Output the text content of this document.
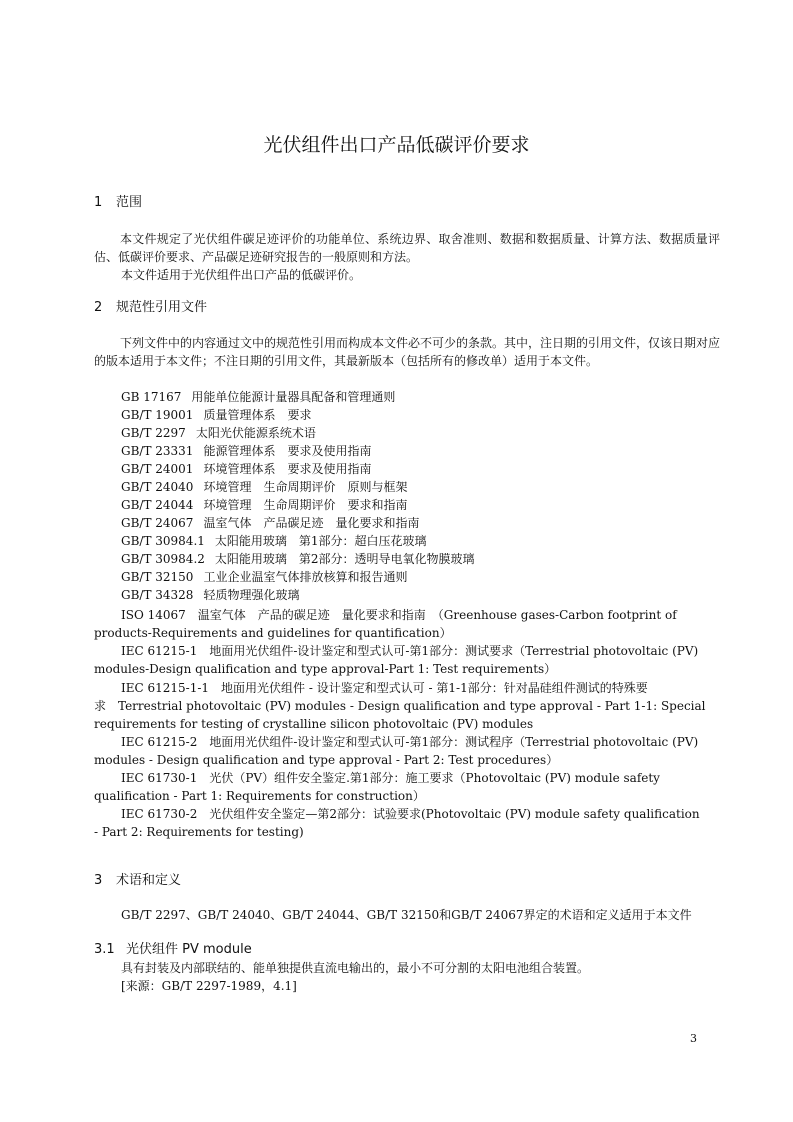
光伏组件出口产品低碳评价要求
1 范围
本文件规定了光伏组件碳足迹评价的功能单位、系统边界、取舍准则、数据和数据质量、计算方法、数据质量评估、低碳评价要求、产品碳足迹研究报告的一般原则和方法。
本文件适用于光伏组件出口产品的低碳评价。
2 规范性引用文件
下列文件中的内容通过文中的规范性引用而构成本文件必不可少的条款。其中，注日期的引用文件，仅该日期对应的版本适用于本文件；不注日期的引用文件，其最新版本（包括所有的修改单）适用于本文件。
GB 17167 用能单位能源计量器具配备和管理通则
GB/T 19001 质量管理体系　要求
GB/T 2297 太阳光伏能源系统术语
GB/T 23331 能源管理体系　要求及使用指南
GB/T 24001 环境管理体系　要求及使用指南
GB/T 24040 环境管理　生命周期评价　原则与框架
GB/T 24044 环境管理　生命周期评价　要求和指南
GB/T 24067 温室气体　产品碳足迹　量化要求和指南
GB/T 30984.1 太阳能用玻璃　第1部分：超白压花玻璃
GB/T 30984.2 太阳能用玻璃　第2部分：透明导电氧化物膜玻璃
GB/T 32150 工业企业温室气体排放核算和报告通则
GB/T 34328 轻质物理强化玻璃
ISO 14067　温室气体　产品的碳足迹　量化要求和指南　（Greenhouse gases-Carbon footprint of
products-Requirements and guidelines for quantification）
IEC 61215-1　地面用光伏组件-设计鉴定和型式认可-第1部分：测试要求（Terrestrial photovoltaic (PV)
modules-Design qualification and type approval-Part 1: Test requirements）
IEC 61215-1-1　地面用光伏组件 - 设计鉴定和型式认可 - 第1-1部分：针对晶硅组件测试的特殊要
求　Terrestrial photovoltaic (PV) modules - Design qualification and type approval - Part 1-1: Special
requirements for testing of crystalline silicon photovoltaic (PV) modules
IEC 61215-2　地面用光伏组件-设计鉴定和型式认可-第1部分：测试程序（Terrestrial photovoltaic (PV)
modules - Design qualification and type approval - Part 2: Test procedures）
IEC 61730-1　光伏（PV）组件安全鉴定.第1部分：施工要求（Photovoltaic (PV) module safety
qualification - Part 1: Requirements for construction）
IEC 61730-2　光伏组件安全鉴定—第2部分：试验要求(Photovoltaic (PV) module safety qualification
- Part 2: Requirements for testing)
3 术语和定义
GB/T 2297、GB/T 24040、GB/T 24044、GB/T 32150和GB/T 24067界定的术语和定义适用于本文件
3.1 光伏组件 PV module
具有封装及内部联结的、能单独提供直流电输出的，最小不可分割的太阳电池组合装置。
[来源：GB/T 2297-1989，4.1]
3
